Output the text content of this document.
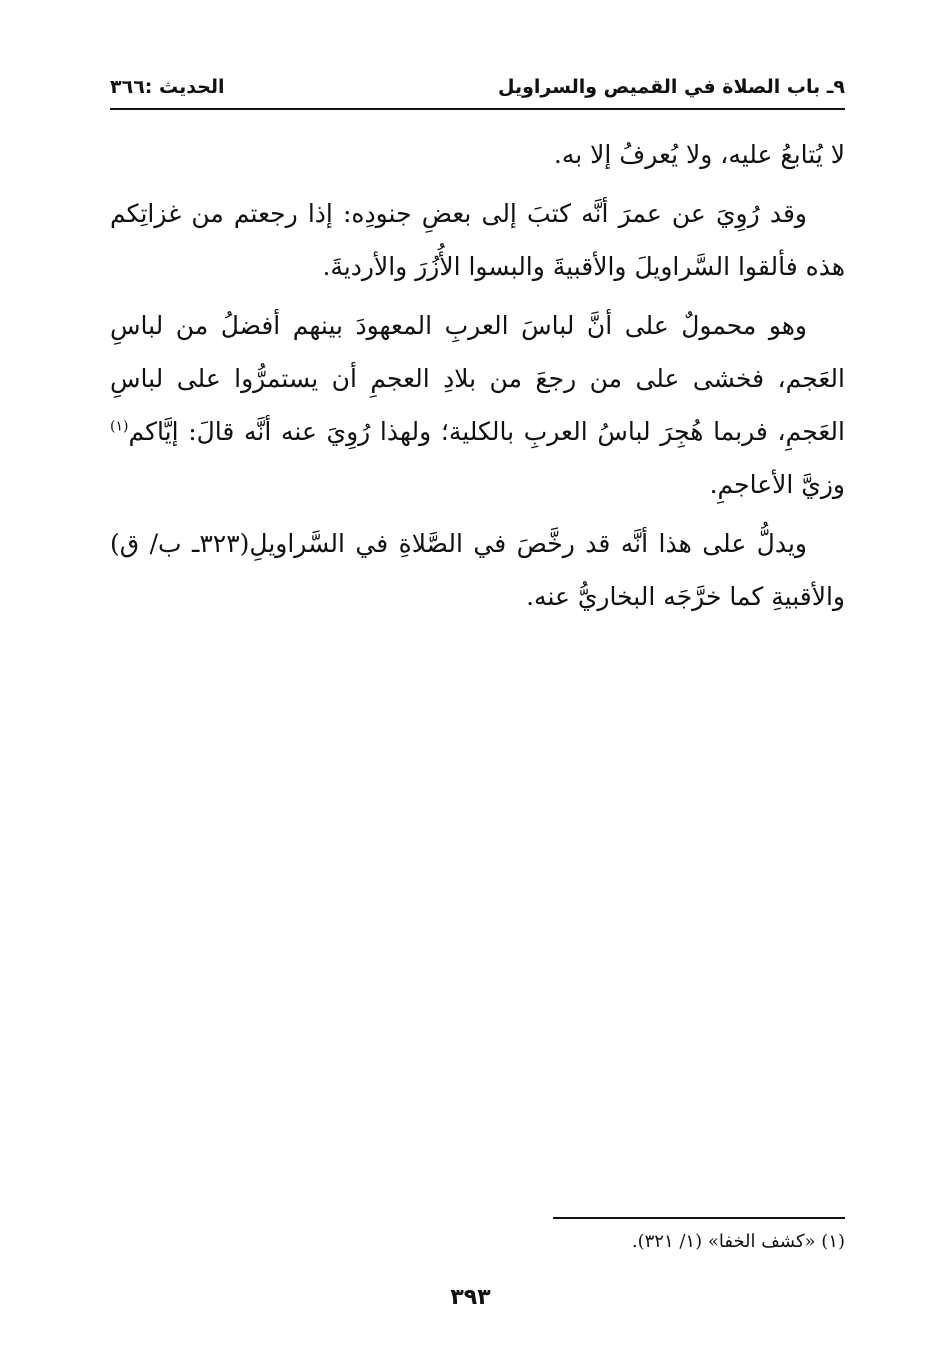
٩ـ باب الصلاة في القميص والسراويل
الحديث :٣٦٦

لا يُتابعُ عليه، ولا يُعرفُ إلا به.

وقد رُوِيَ عن عمرَ أنَّه كتبَ إلى بعضِ جنودِه: إذا رجعتم من غزاتِكم هذه فألقوا السَّراويلَ والأقبيةَ والبسوا الأُزُرَ والأرديةَ.

وهو محمولٌ على أنَّ لباسَ العربِ المعهودَ بينهم أفضلُ من لباسِ العَجم، فخشى على من رجعَ من بلادِ العجمِ أن يستمرُّوا على لباسِ العَجمِ، فربما هُجِرَ لباسُ العربِ بالكلية؛ ولهذا رُوِيَ عنه أنَّه قالَ: إيَّاكم$^{(١)}$ وزيَّ الأعاجمِ.

ويدلُّ على هذا أنَّه قد رخَّصَ في الصَّلاةِ في السَّراويلِ(٣٢٣ـ ب/ ق) والأقبيةِ كما خرَّجَه البخاريُّ عنه.

(١) «كشف الخفا» (١/ ٣٢١).
٣٩٣
